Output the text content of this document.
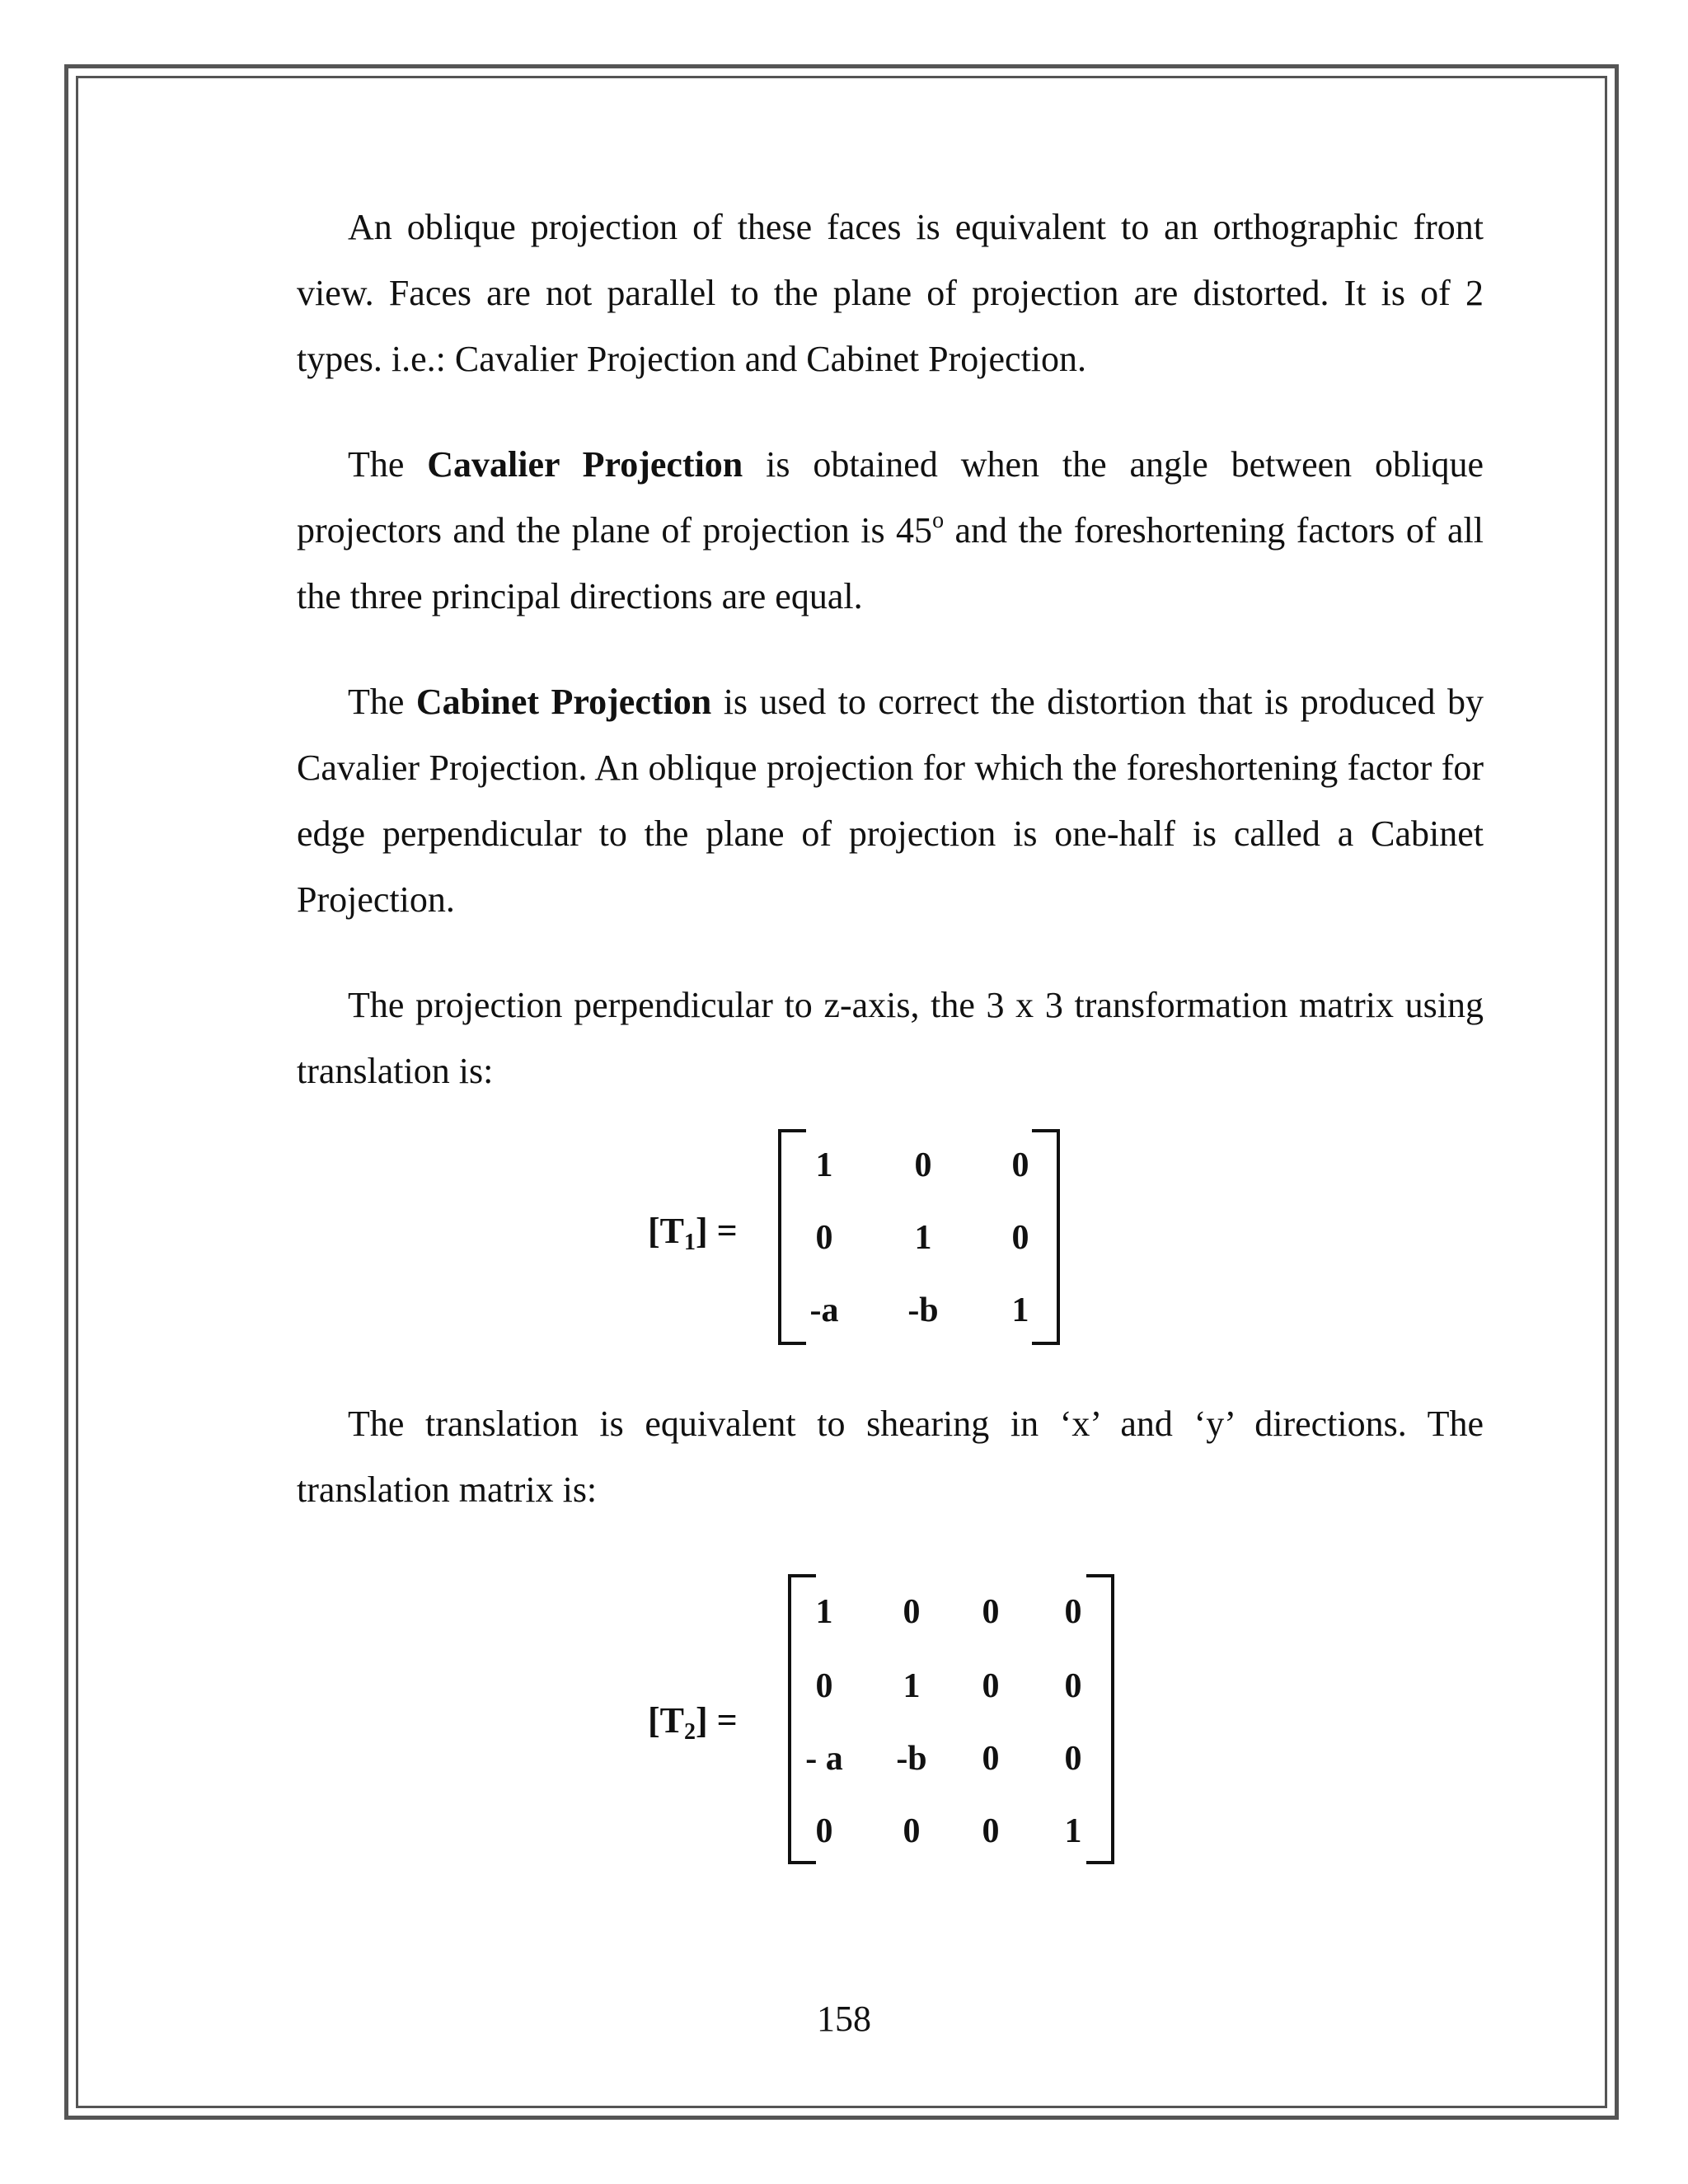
An oblique projection of these faces is equivalent to an orthographic front view. Faces are not parallel to the plane of projection are distorted. It is of 2 types. i.e.: Cavalier Projection and Cabinet Projection.

The Cavalier Projection is obtained when the angle between oblique projectors and the plane of projection is 45$^o$ and the foreshortening factors of all the three principal directions are equal.

The Cabinet Projection is used to correct the distortion that is produced by Cavalier Projection. An oblique projection for which the foreshortening factor for edge perpendicular to the plane of projection is one-half is called a Cabinet Projection.

The projection perpendicular to z-axis, the 3 x 3 transformation matrix using translation is:

The translation is equivalent to shearing in ‘x’ and ‘y’ directions. The translation matrix is:

$[T_1]$ =
1	0	0
0	1	0
-a	-b	1
$[T_2]$ =
1	0	0	0
0	1	0	0
- a	-b	0	0
0	0	0	1
158
